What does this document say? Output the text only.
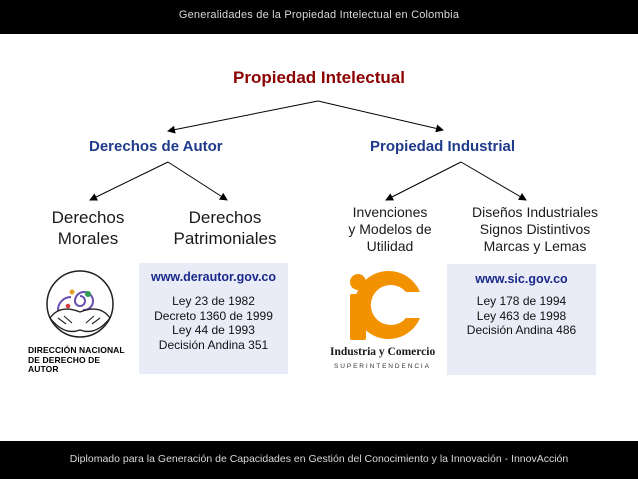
Generalidades de la Propiedad Intelectual en Colombia
Diplomado para la Generación de Capacidades en Gestión del Conocimiento y la Innovación - InnovAcción
Propiedad Intelectual
Derechos de Autor	Propiedad Industrial
Derechos
Morales
Derechos
Patrimoniales
Invenciones
y Modelos de
Utilidad
Diseños Industriales
Signos Distintivos
Marcas y Lemas
www.derautor.gov.co
Ley 23 de 1982
Decreto 1360 de 1999
Ley 44 de 1993
Decisión Andina 351
www.sic.gov.co
Ley 178 de 1994
Ley 463 de 1998
Decisión Andina 486
DIRECCIÓN NACIONAL
DE DERECHO DE AUTOR
Industria y Comercio
SUPERINTENDENCIA
